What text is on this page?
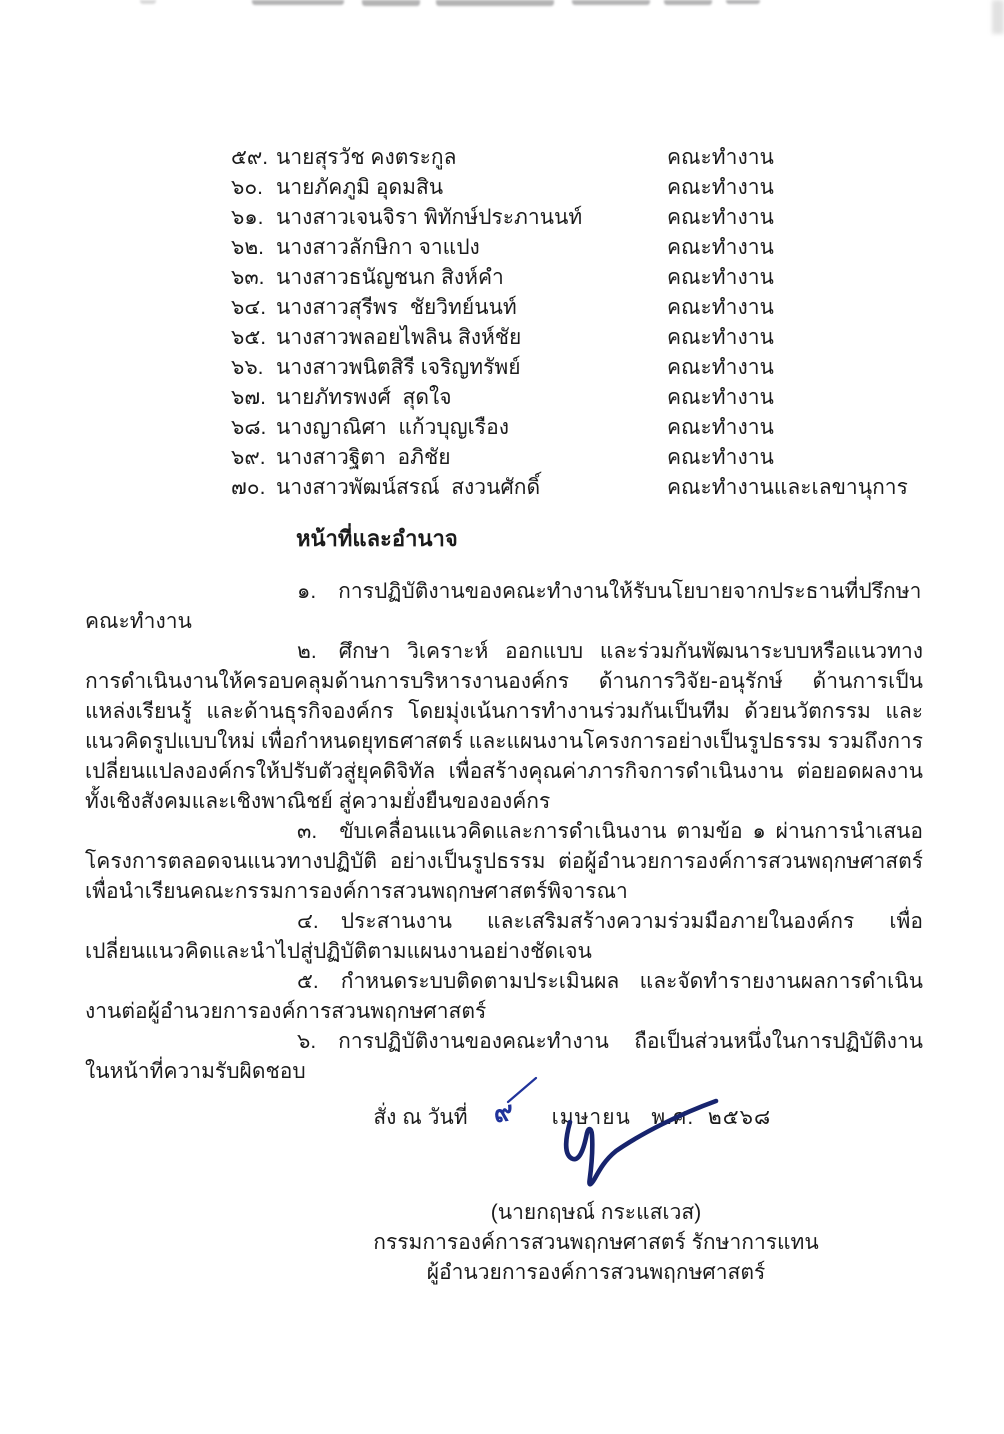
๕๙. นายสุรวัช คงตระกูล	คณะทำงาน
๖๐. นายภัคภูมิ อุดมสิน	คณะทำงาน
๖๑. นางสาวเจนจิรา พิทักษ์ประภานนท์	คณะทำงาน
๖๒. นางสาวลักษิกา จาแปง	คณะทำงาน
๖๓. นางสาวธนัญชนก สิงห์คำ	คณะทำงาน
๖๔. นางสาวสุรีพร  ชัยวิทย์นนท์	คณะทำงาน
๖๕. นางสาวพลอยไพลิน สิงห์ชัย	คณะทำงาน
๖๖. นางสาวพนิตสิรี เจริญทรัพย์	คณะทำงาน
๖๗. นายภัทรพงศ์  สุดใจ	คณะทำงาน
๖๘. นางญาณิศา  แก้วบุญเรือง	คณะทำงาน
๖๙. นางสาวฐิตา  อภิชัย	คณะทำงาน
๗๐. นางสาวพัฒน์สรณ์  สงวนศักดิ์	คณะทำงานและเลขานุการ
หน้าที่และอำนาจ

๑. การปฏิบัติงานของคณะทำงานให้รับนโยบายจากประธานที่ปรึกษาคณะทำงาน

๒. ศึกษา วิเคราะห์ ออกแบบ และร่วมกันพัฒนาระบบหรือแนวทางการดำเนินงานให้ครอบคลุมด้านการบริหารงานองค์กร ด้านการวิจัย-อนุรักษ์ ด้านการเป็นแหล่งเรียนรู้ และด้านธุรกิจองค์กร โดยมุ่งเน้นการทำงานร่วมกันเป็นทีม ด้วยนวัตกรรม และแนวคิดรูปแบบใหม่ เพื่อกำหนดยุทธศาสตร์ และแผนงานโครงการอย่างเป็นรูปธรรม รวมถึงการเปลี่ยนแปลงองค์กรให้ปรับตัวสู่ยุคดิจิทัล เพื่อสร้างคุณค่าภารกิจการดำเนินงาน ต่อยอดผลงานทั้งเชิงสังคมและเชิงพาณิชย์ สู่ความยั่งยืนขององค์กร

๓. ขับเคลื่อนแนวคิดและการดำเนินงาน ตามข้อ ๑ ผ่านการนำเสนอโครงการตลอดจนแนวทางปฏิบัติ อย่างเป็นรูปธรรม ต่อผู้อำนวยการองค์การสวนพฤกษศาสตร์ เพื่อนำเรียนคณะกรรมการองค์การสวนพฤกษศาสตร์พิจารณา

๔. ประสานงาน และเสริมสร้างความร่วมมือภายในองค์กร เพื่อเปลี่ยนแนวคิดและนำไปสู่ปฏิบัติตามแผนงานอย่างชัดเจน

๕. กำหนดระบบติดตามประเมินผล และจัดทำรายงานผลการดำเนินงานต่อผู้อำนวยการองค์การสวนพฤกษศาสตร์

๖. การปฏิบัติงานของคณะทำงาน ถือเป็นส่วนหนึ่งในการปฏิบัติงานในหน้าที่ความรับผิดชอบ

สั่ง ณ วันที่ ๙ เมษายน   พ.ศ.  ๒๕๖๘

(นายกฤษณ์ กระแสเวส)
กรรมการองค์การสวนพฤกษศาสตร์ รักษาการแทน
ผู้อำนวยการองค์การสวนพฤกษศาสตร์
